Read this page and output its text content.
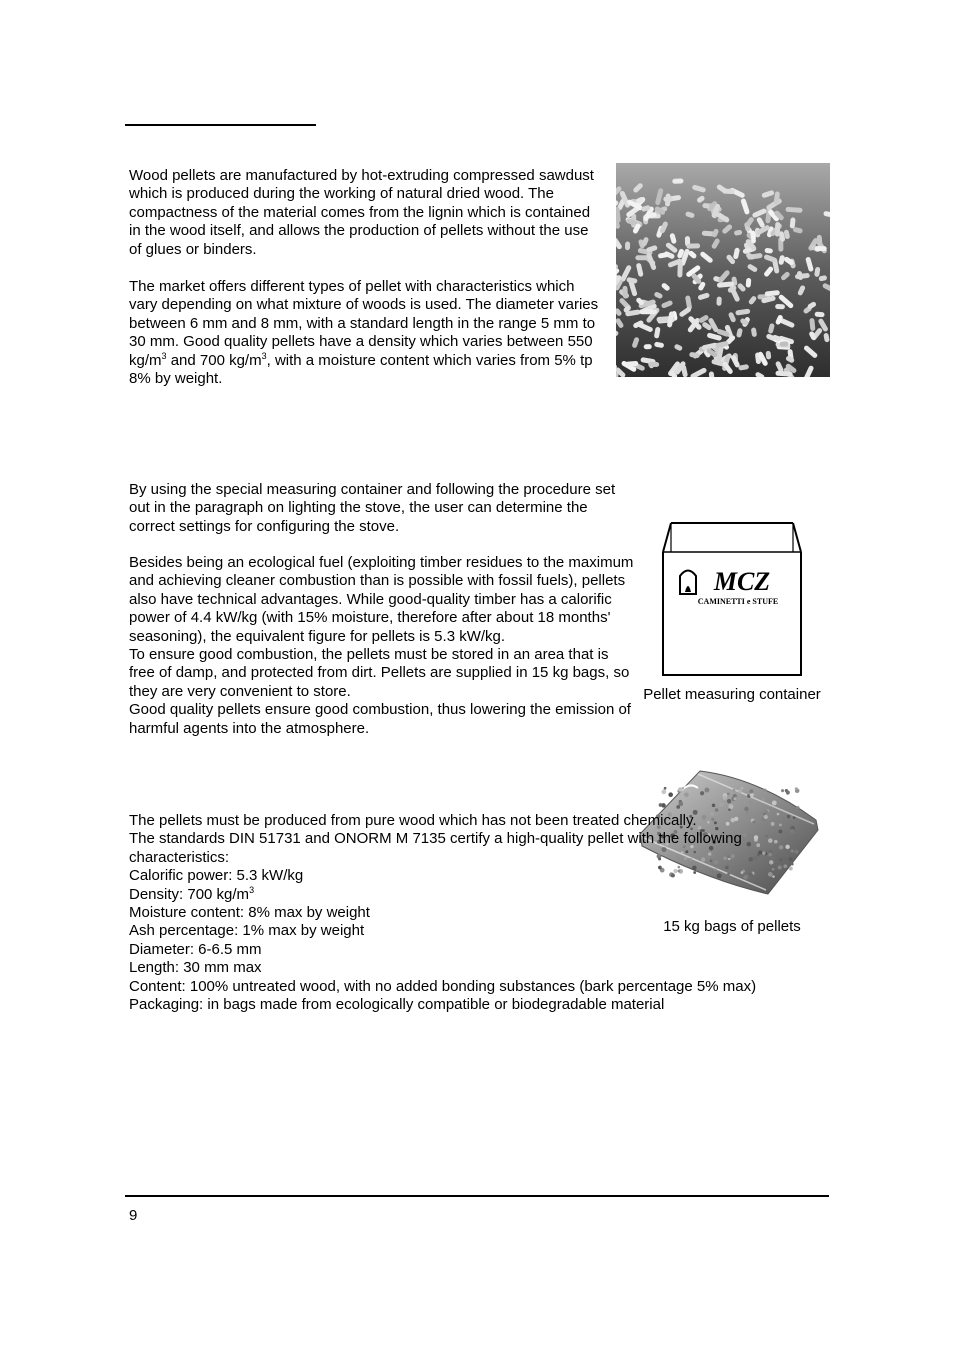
Wood pellets are manufactured by hot-extruding compressed sawdust which is produced during the working of natural dried wood. The compactness of the material comes from the lignin which is contained in the wood itself, and allows the production of pellets without the use of glues or binders.

The market offers different types of pellet with characteristics which vary depending on what mixture of woods is used. The diameter varies between 6 mm and 8 mm, with a standard length in the range 5 mm to 30 mm. Good quality pellets have a density which varies between 550 $kg/m^3$ and 700 $kg/m^3$, with a moisture content which varies from 5% tp 8% by weight.

By using the special measuring container and following the procedure set out in the paragraph on lighting the stove, the user can determine the correct settings for configuring the stove.

Besides being an ecological fuel (exploiting timber residues to the maximum and achieving cleaner combustion than is possible with fossil fuels), pellets also have technical advantages. While good-quality timber has a calorific power of 4.4 kW/kg (with 15% moisture, therefore after about 18 months' seasoning), the equivalent figure for pellets is 5.3 kW/kg.

To ensure good combustion, the pellets must be stored in an area that is free of damp, and protected from dirt. Pellets are supplied in 15 kg bags, so they are very convenient to store.

Good quality pellets ensure good combustion, thus lowering the emission of harmful agents into the atmosphere.

MCZ
CAMINETTI e STUFE
Pellet measuring container
15 kg bags of pellets

The pellets must be produced from pure wood which has not been treated chemically.

The standards DIN 51731 and ONORM M 7135 certify a high-quality pellet with the following characteristics:

Calorific power: 5.3 kW/kg

Density: 700 $kg/m^3$

Moisture content: 8% max by weight

Ash percentage: 1% max by weight

Diameter: 6-6.5 mm

Length: 30 mm max

Content: 100% untreated wood, with no added bonding substances (bark percentage 5% max)

Packaging: in bags made from ecologically compatible or biodegradable material

9
